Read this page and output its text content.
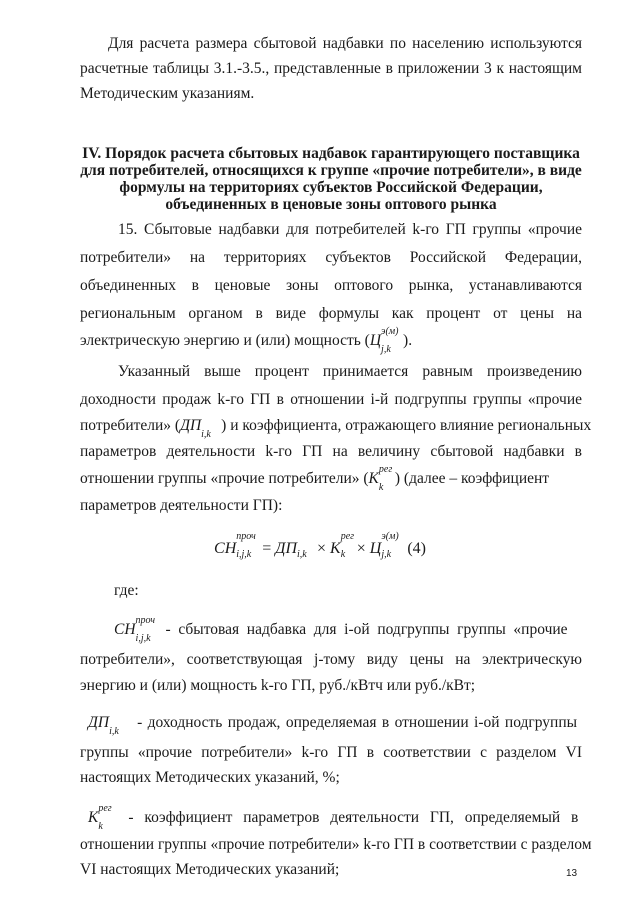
Для расчета размера сбытовой надбавки по населению используются
расчетные таблицы 3.1.-3.5., представленные в приложении 3 к настоящим
Методическим указаниям.
IV. Порядок расчета сбытовых надбавок гарантирующего поставщика
для потребителей, относящихся к группе «прочие потребители», в виде
формулы на территориях субъектов Российской Федерации,
объединенных в ценовые зоны оптового рынка
15. Сбытовые надбавки для потребителей k-го ГП группы «прочие
потребители» на территориях субъектов Российской Федерации,
объединенных в ценовые зоны оптового рынка, устанавливаются
региональным органом в виде формулы как процент от цены на
электрическую энергию и (или) мощность (Ц
э(м)
j,k
).
Указанный выше процент принимается равным произведению
доходности продаж k-го ГП в отношении i-й подгруппы группы «прочие
потребители» (ДП
i,k
) и коэффициента, отражающего влияние региональных
параметров деятельности k-го ГП на величину сбытовой надбавки в
отношении группы «прочие потребители» (K
рег
k
) (далее – коэффициент
параметров деятельности ГП):
СН
проч
i,j,k = ДП i,k × K
рег
k × Ц
э(м)
j,k (4)
где:
СН
проч
i,j,k
- сбытовая надбавка для i-ой подгруппы группы «прочие
потребители», соответствующая j-тому виду цены на электрическую
энергию и (или) мощность k-го ГП, руб./кВтч или руб./кВт;
ДП
i,k
- доходность продаж, определяемая в отношении i-ой подгруппы
группы «прочие потребители» k-го ГП в соответствии с разделом VI
настоящих Методических указаний, %;
K
рег
k
- коэффициент параметров деятельности ГП, определяемый в
отношении группы «прочие потребители» k-го ГП в соответствии с разделом
VI настоящих Методических указаний;	13
